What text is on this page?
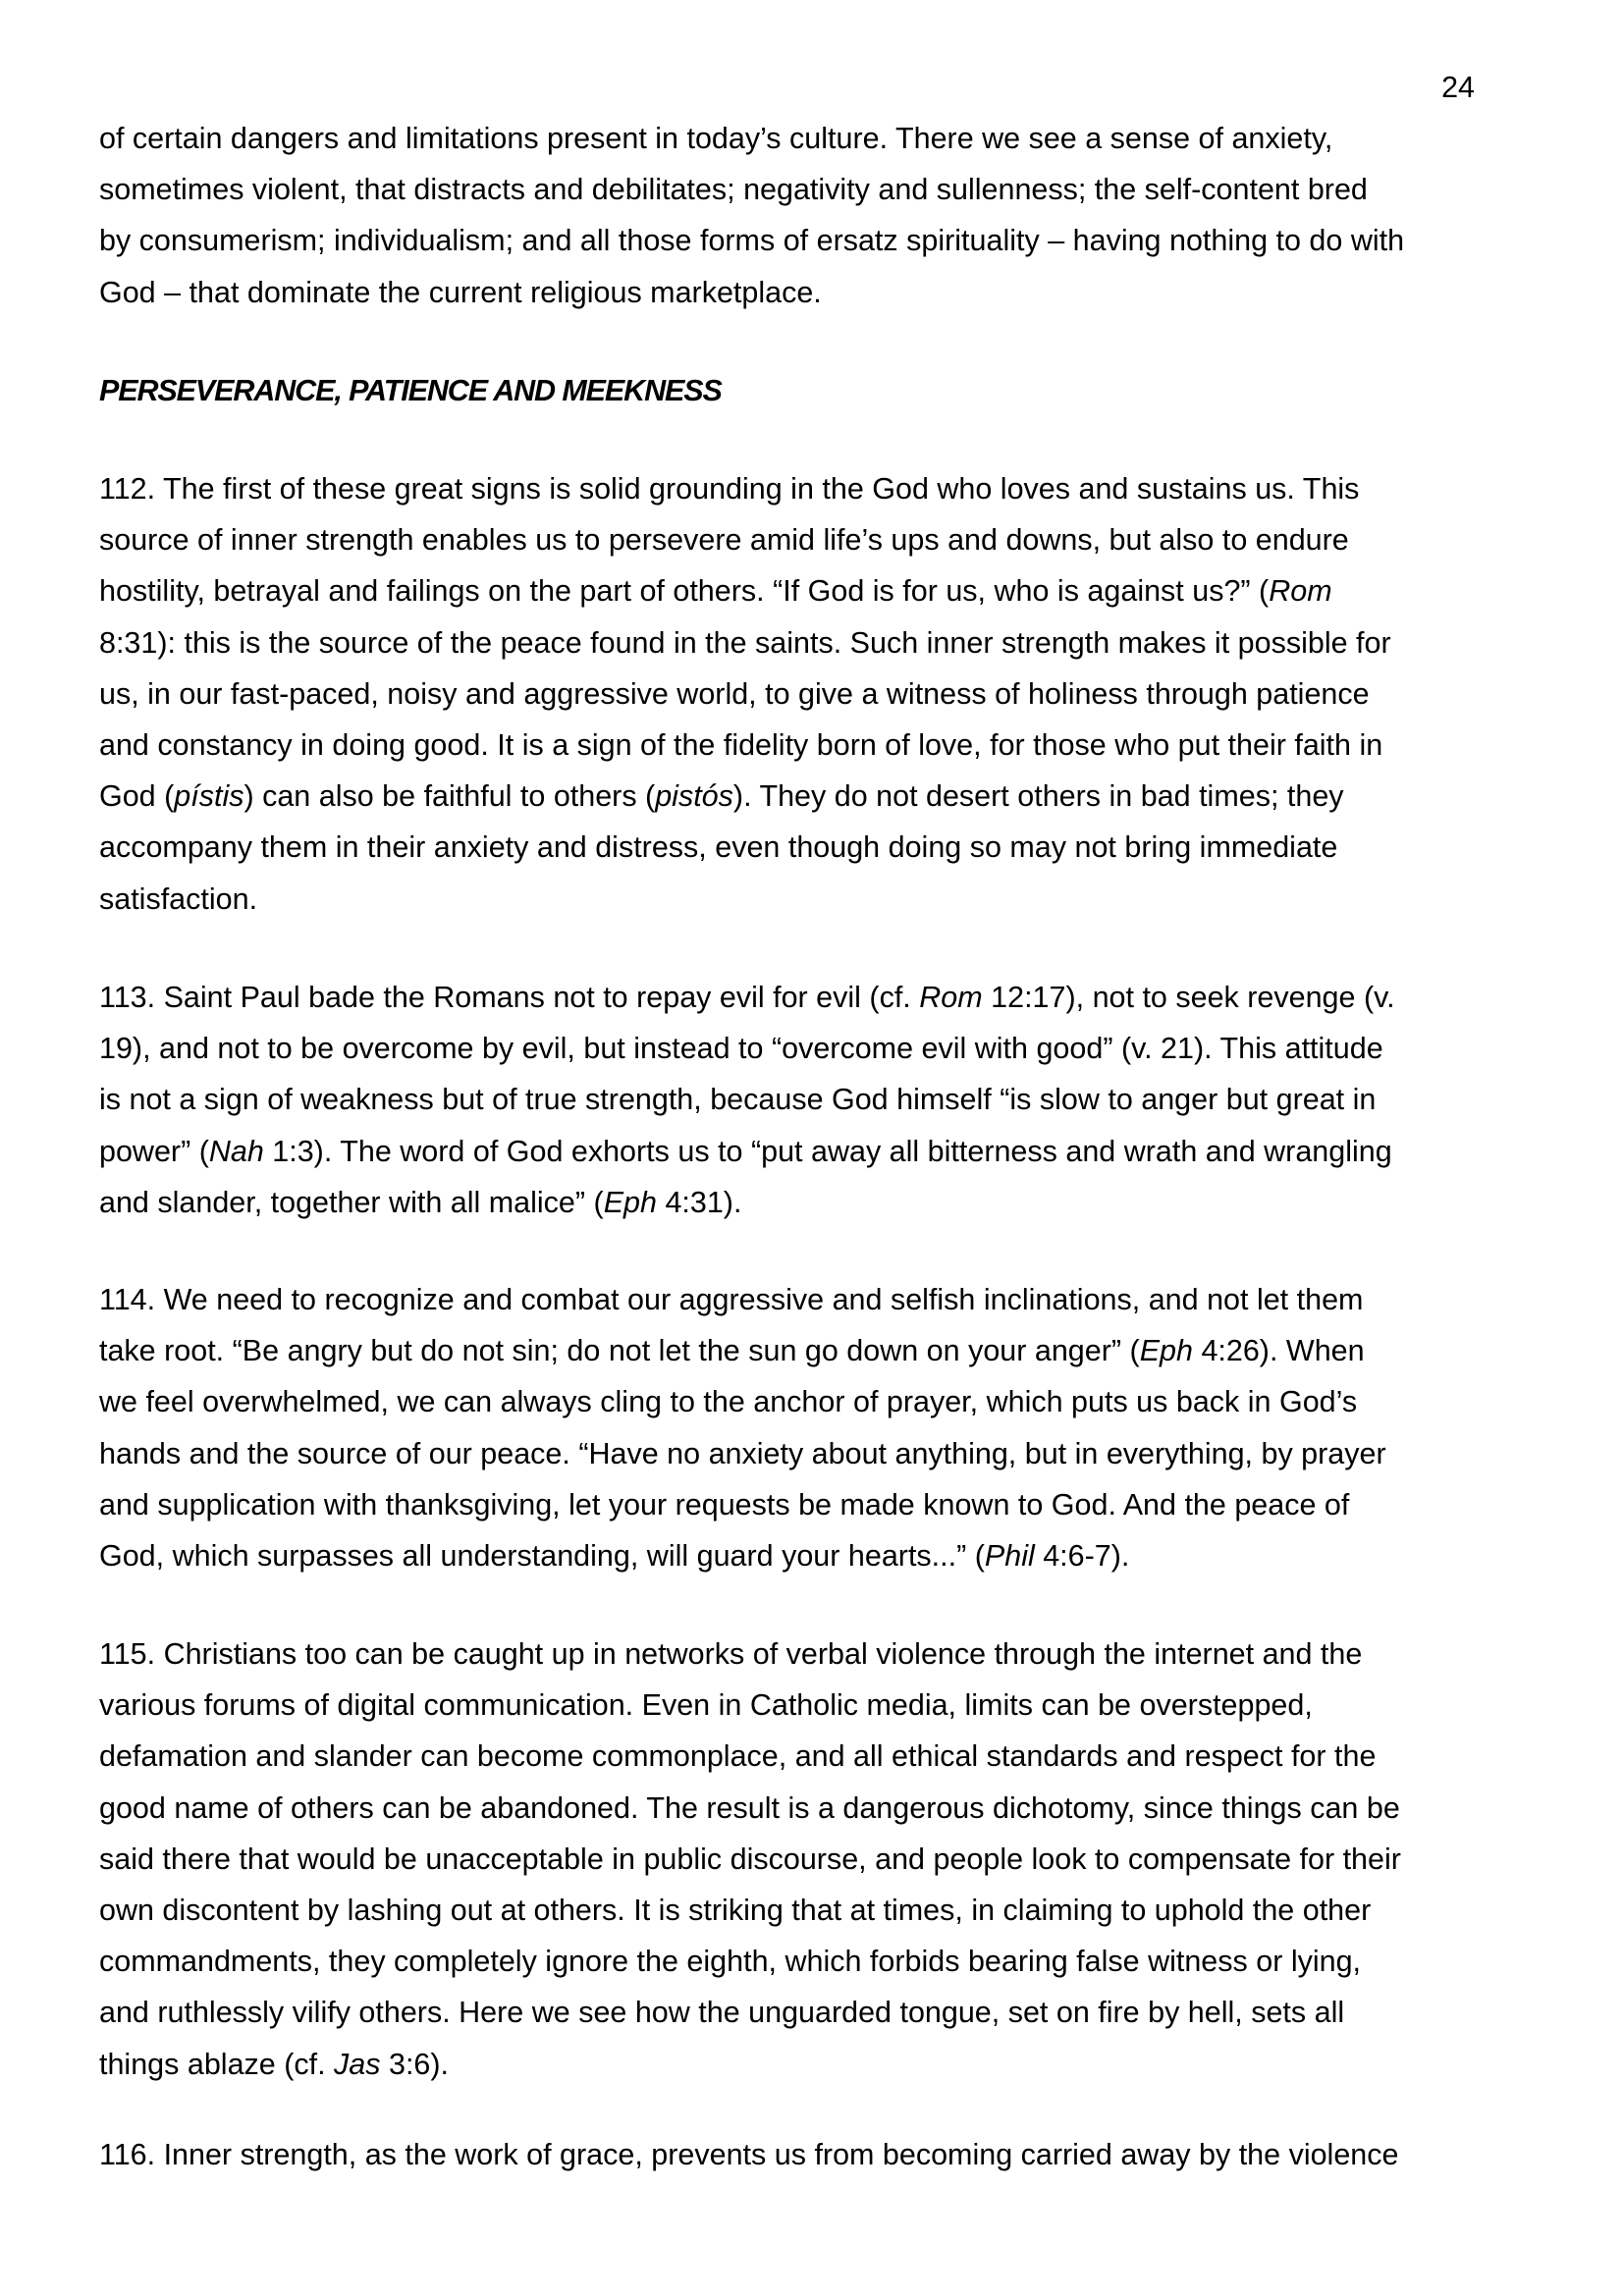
24
of certain dangers and limitations present in today’s culture. There we see a sense of anxiety,
sometimes violent, that distracts and debilitates; negativity and sullenness; the self-content bred
by consumerism; individualism; and all those forms of ersatz spirituality – having nothing to do with
God – that dominate the current religious marketplace.
PERSEVERANCE, PATIENCE AND MEEKNESS
112. The first of these great signs is solid grounding in the God who loves and sustains us. This
source of inner strength enables us to persevere amid life’s ups and downs, but also to endure
hostility, betrayal and failings on the part of others. “If God is for us, who is against us?” (Rom
8:31): this is the source of the peace found in the saints. Such inner strength makes it possible for
us, in our fast-paced, noisy and aggressive world, to give a witness of holiness through patience
and constancy in doing good. It is a sign of the fidelity born of love, for those who put their faith in
God (pístis) can also be faithful to others (pistós). They do not desert others in bad times; they
accompany them in their anxiety and distress, even though doing so may not bring immediate
satisfaction.
113. Saint Paul bade the Romans not to repay evil for evil (cf. Rom 12:17), not to seek revenge (v.
19), and not to be overcome by evil, but instead to “overcome evil with good” (v. 21). This attitude
is not a sign of weakness but of true strength, because God himself “is slow to anger but great in
power” (Nah 1:3). The word of God exhorts us to “put away all bitterness and wrath and wrangling
and slander, together with all malice” (Eph 4:31).
114. We need to recognize and combat our aggressive and selfish inclinations, and not let them
take root. “Be angry but do not sin; do not let the sun go down on your anger” (Eph 4:26). When
we feel overwhelmed, we can always cling to the anchor of prayer, which puts us back in God’s
hands and the source of our peace. “Have no anxiety about anything, but in everything, by prayer
and supplication with thanksgiving, let your requests be made known to God. And the peace of
God, which surpasses all understanding, will guard your hearts...” (Phil 4:6-7).
115. Christians too can be caught up in networks of verbal violence through the internet and the
various forums of digital communication. Even in Catholic media, limits can be overstepped,
defamation and slander can become commonplace, and all ethical standards and respect for the
good name of others can be abandoned. The result is a dangerous dichotomy, since things can be
said there that would be unacceptable in public discourse, and people look to compensate for their
own discontent by lashing out at others. It is striking that at times, in claiming to uphold the other
commandments, they completely ignore the eighth, which forbids bearing false witness or lying,
and ruthlessly vilify others. Here we see how the unguarded tongue, set on fire by hell, sets all
things ablaze (cf. Jas 3:6).
116. Inner strength, as the work of grace, prevents us from becoming carried away by the violence
